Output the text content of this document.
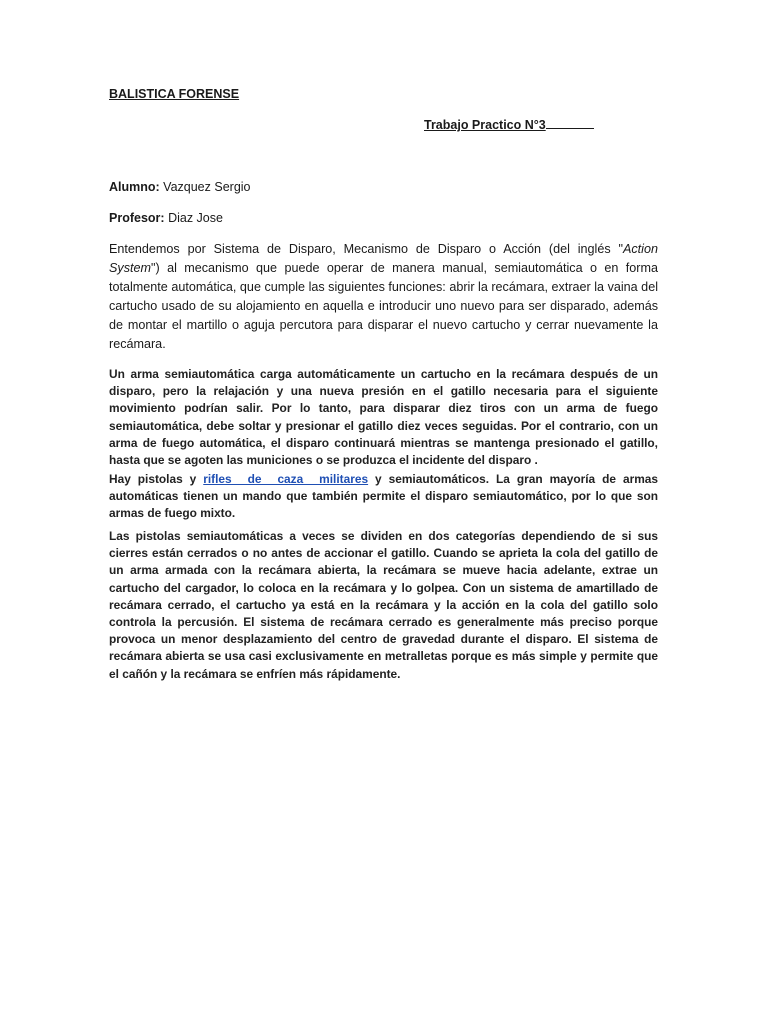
BALISTICA FORENSE

Trabajo Practico N°3

Alumno: Vazquez Sergio

Profesor: Diaz Jose

Entendemos por Sistema de Disparo, Mecanismo de Disparo o Acción (del inglés "Action System") al mecanismo que puede operar de manera manual, semiautomática o en forma totalmente automática, que cumple las siguientes funciones: abrir la recámara, extraer la vaina del cartucho usado de su alojamiento en aquella e introducir uno nuevo para ser disparado, además de montar el martillo o aguja percutora para disparar el nuevo cartucho y cerrar nuevamente la recámara.

Un arma semiautomática carga automáticamente un cartucho en la recámara después de un disparo, pero la relajación y una nueva presión en el gatillo necesaria para el siguiente movimiento podrían salir. Por lo tanto, para disparar diez tiros con un arma de fuego semiautomática, debe soltar y presionar el gatillo diez veces seguidas. Por el contrario, con un arma de fuego automática, el disparo continuará mientras se mantenga presionado el gatillo, hasta que se agoten las municiones o se produzca el incidente del disparo .

Hay pistolas y rifles de caza militares y semiautomáticos. La gran mayoría de armas automáticas tienen un mando que también permite el disparo semiautomático, por lo que son armas de fuego mixto.

Las pistolas semiautomáticas a veces se dividen en dos categorías dependiendo de si sus cierres están cerrados o no antes de accionar el gatillo. Cuando se aprieta la cola del gatillo de un arma armada con la recámara abierta, la recámara se mueve hacia adelante, extrae un cartucho del cargador, lo coloca en la recámara y lo golpea. Con un sistema de amartillado de recámara cerrado, el cartucho ya está en la recámara y la acción en la cola del gatillo solo controla la percusión. El sistema de recámara cerrado es generalmente más preciso porque provoca un menor desplazamiento del centro de gravedad durante el disparo. El sistema de recámara abierta se usa casi exclusivamente en metralletas porque es más simple y permite que el cañón y la recámara se enfríen más rápidamente.
